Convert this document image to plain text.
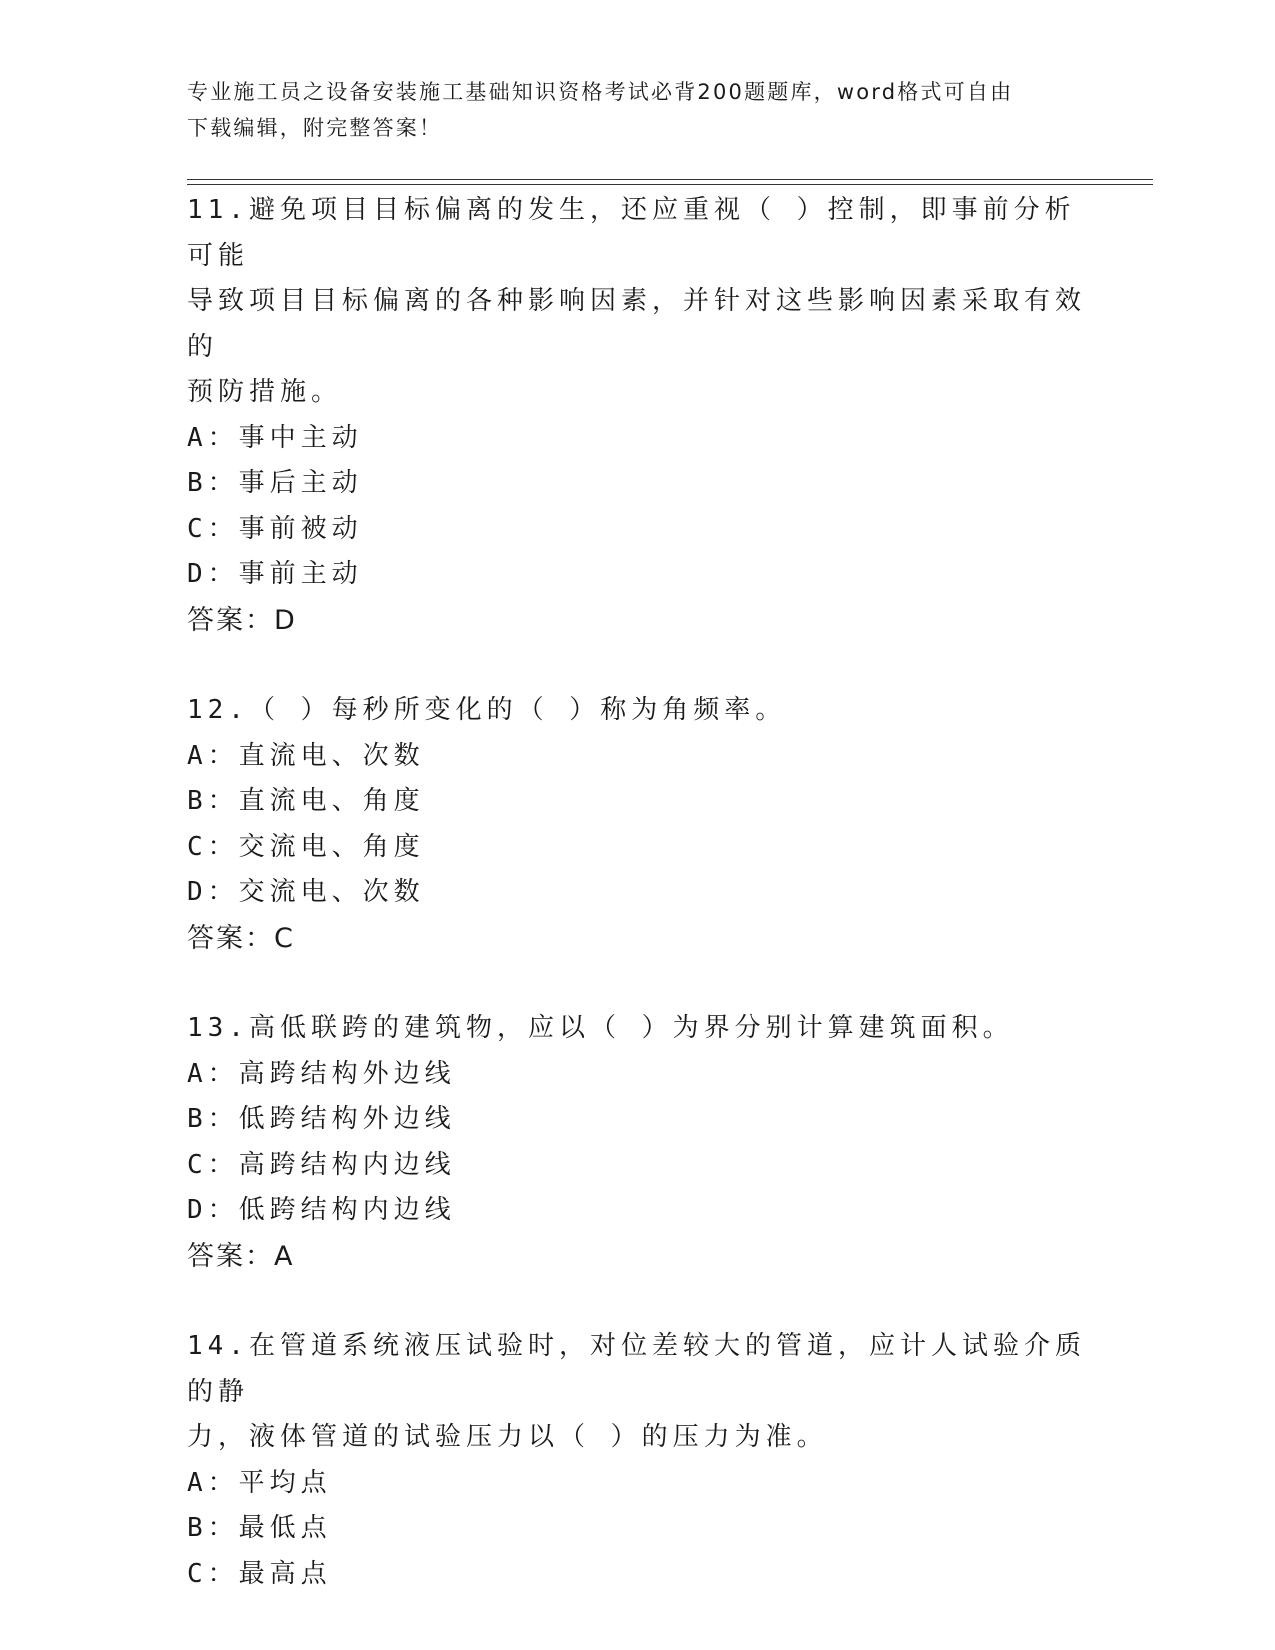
专业施工员之设备安装施工基础知识资格考试必背200题题库，word格式可自由
下载编辑，附完整答案！

11.避免项目目标偏离的发生，还应重视（ ）控制，即事前分析可能

导致项目目标偏离的各种影响因素，并针对这些影响因素采取有效的

预防措施。

A：事中主动

B：事后主动

C：事前被动

D：事前主动

答案：D

12.（ ）每秒所变化的（ ）称为角频率。

A：直流电、次数

B：直流电、角度

C：交流电、角度

D：交流电、次数

答案：C

13.高低联跨的建筑物，应以（ ）为界分别计算建筑面积。

A：高跨结构外边线

B：低跨结构外边线

C：高跨结构内边线

D：低跨结构内边线

答案：A

14.在管道系统液压试验时，对位差较大的管道，应计人试验介质的静

力，液体管道的试验压力以（ ）的压力为准。

A：平均点

B：最低点

C：最高点
